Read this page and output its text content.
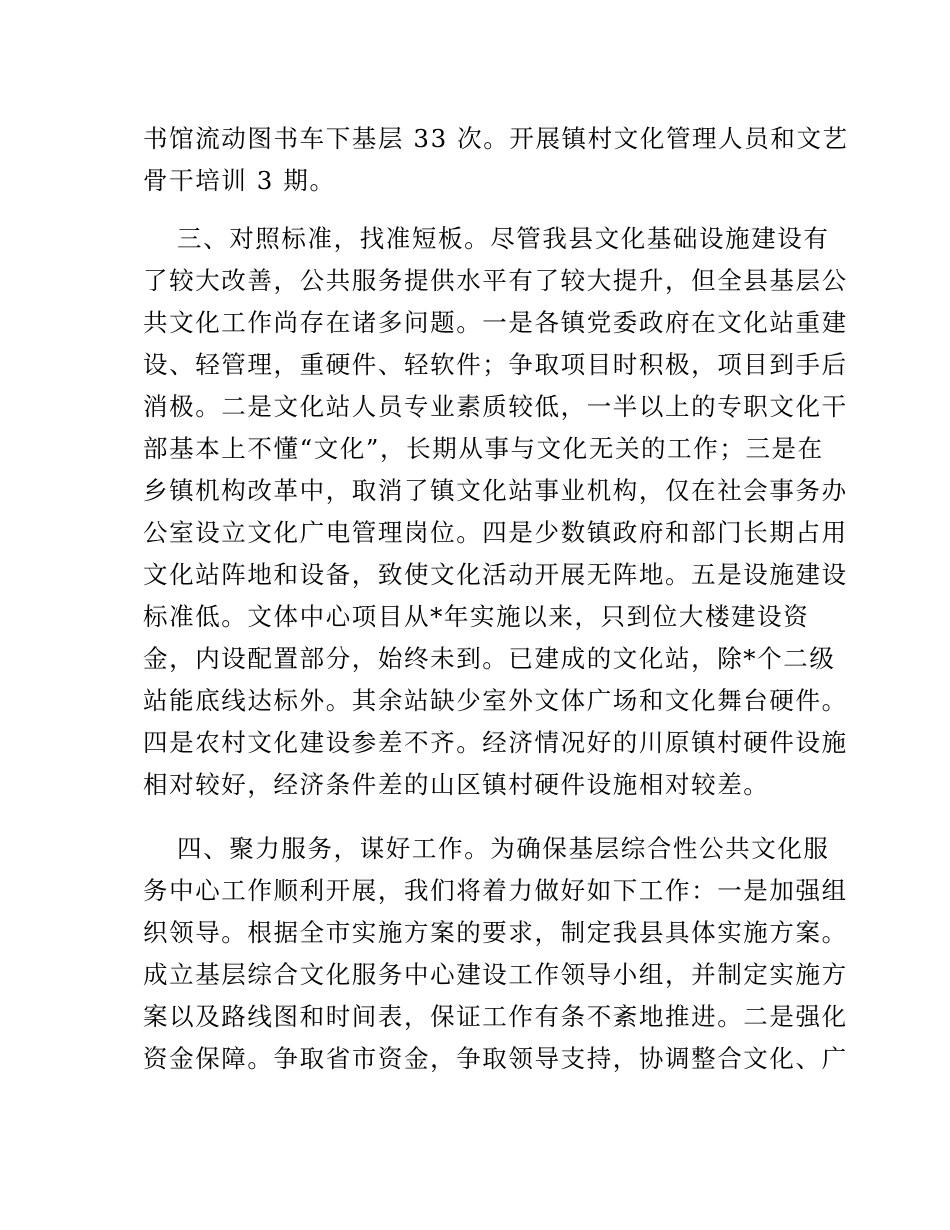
书馆流动图书车下基层 33 次。开展镇村文化管理人员和文艺
骨干培训 3 期。
三、对照标准，找准短板。尽管我县文化基础设施建设有
了较大改善，公共服务提供水平有了较大提升，但全县基层公
共文化工作尚存在诸多问题。一是各镇党委政府在文化站重建
设、轻管理，重硬件、轻软件；争取项目时积极，项目到手后
消极。二是文化站人员专业素质较低，一半以上的专职文化干
部基本上不懂“文化”，长期从事与文化无关的工作；三是在
乡镇机构改革中，取消了镇文化站事业机构，仅在社会事务办
公室设立文化广电管理岗位。四是少数镇政府和部门长期占用
文化站阵地和设备，致使文化活动开展无阵地。五是设施建设
标准低。文体中心项目从*年实施以来，只到位大楼建设资
金，内设配置部分，始终未到。已建成的文化站，除*个二级
站能底线达标外。其余站缺少室外文体广场和文化舞台硬件。
四是农村文化建设参差不齐。经济情况好的川原镇村硬件设施
相对较好，经济条件差的山区镇村硬件设施相对较差。
四、聚力服务，谋好工作。为确保基层综合性公共文化服
务中心工作顺利开展，我们将着力做好如下工作：一是加强组
织领导。根据全市实施方案的要求，制定我县具体实施方案。
成立基层综合文化服务中心建设工作领导小组，并制定实施方
案以及路线图和时间表，保证工作有条不紊地推进。二是强化
资金保障。争取省市资金，争取领导支持，协调整合文化、广
